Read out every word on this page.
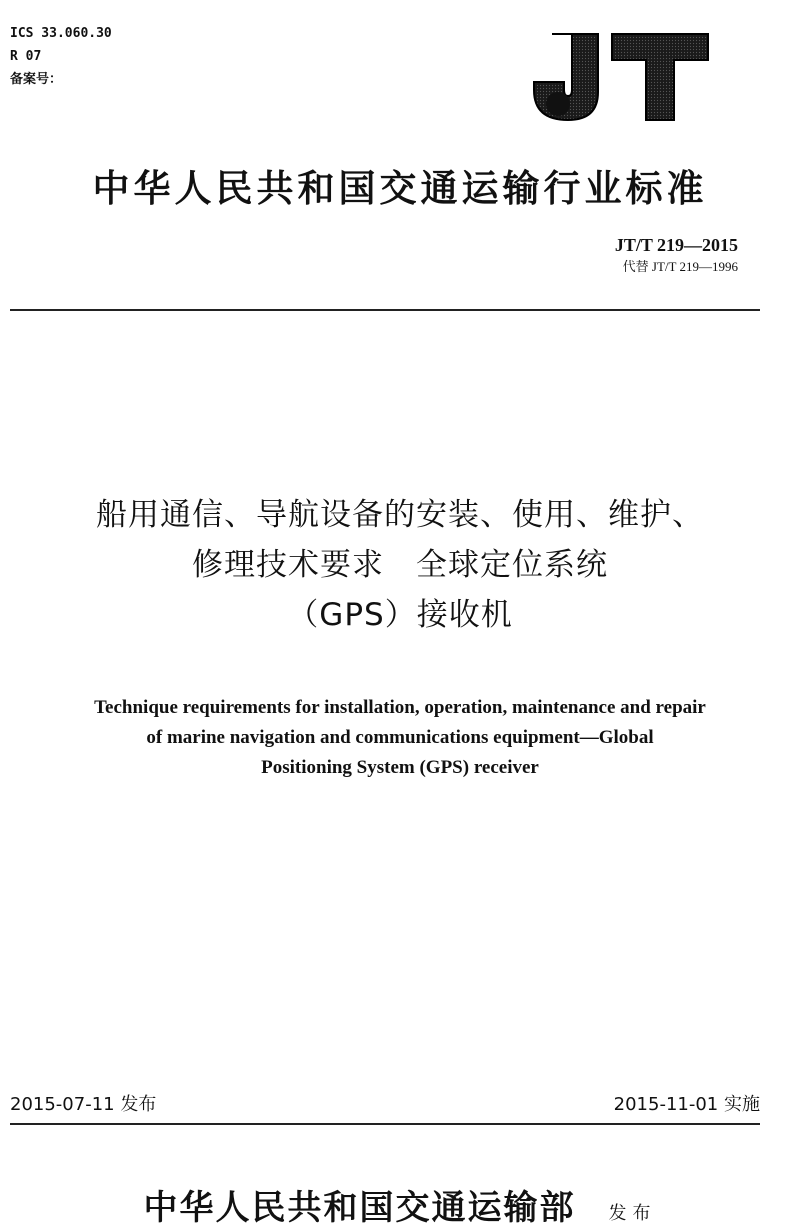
ICS 33.060.30
R 07
备案号：
中华人民共和国交通运输行业标准
JT/T 219—2015
代替 JT/T 219—1996
船用通信、导航设备的安装、使用、维护、
修理技术要求　全球定位系统
（GPS）接收机
Technique requirements for installation, operation, maintenance and repair
of marine navigation and communications equipment—Global
Positioning System (GPS) receiver
2015-07-11 发布	2015-11-01 实施
中华人民共和国交通运输部 发布
